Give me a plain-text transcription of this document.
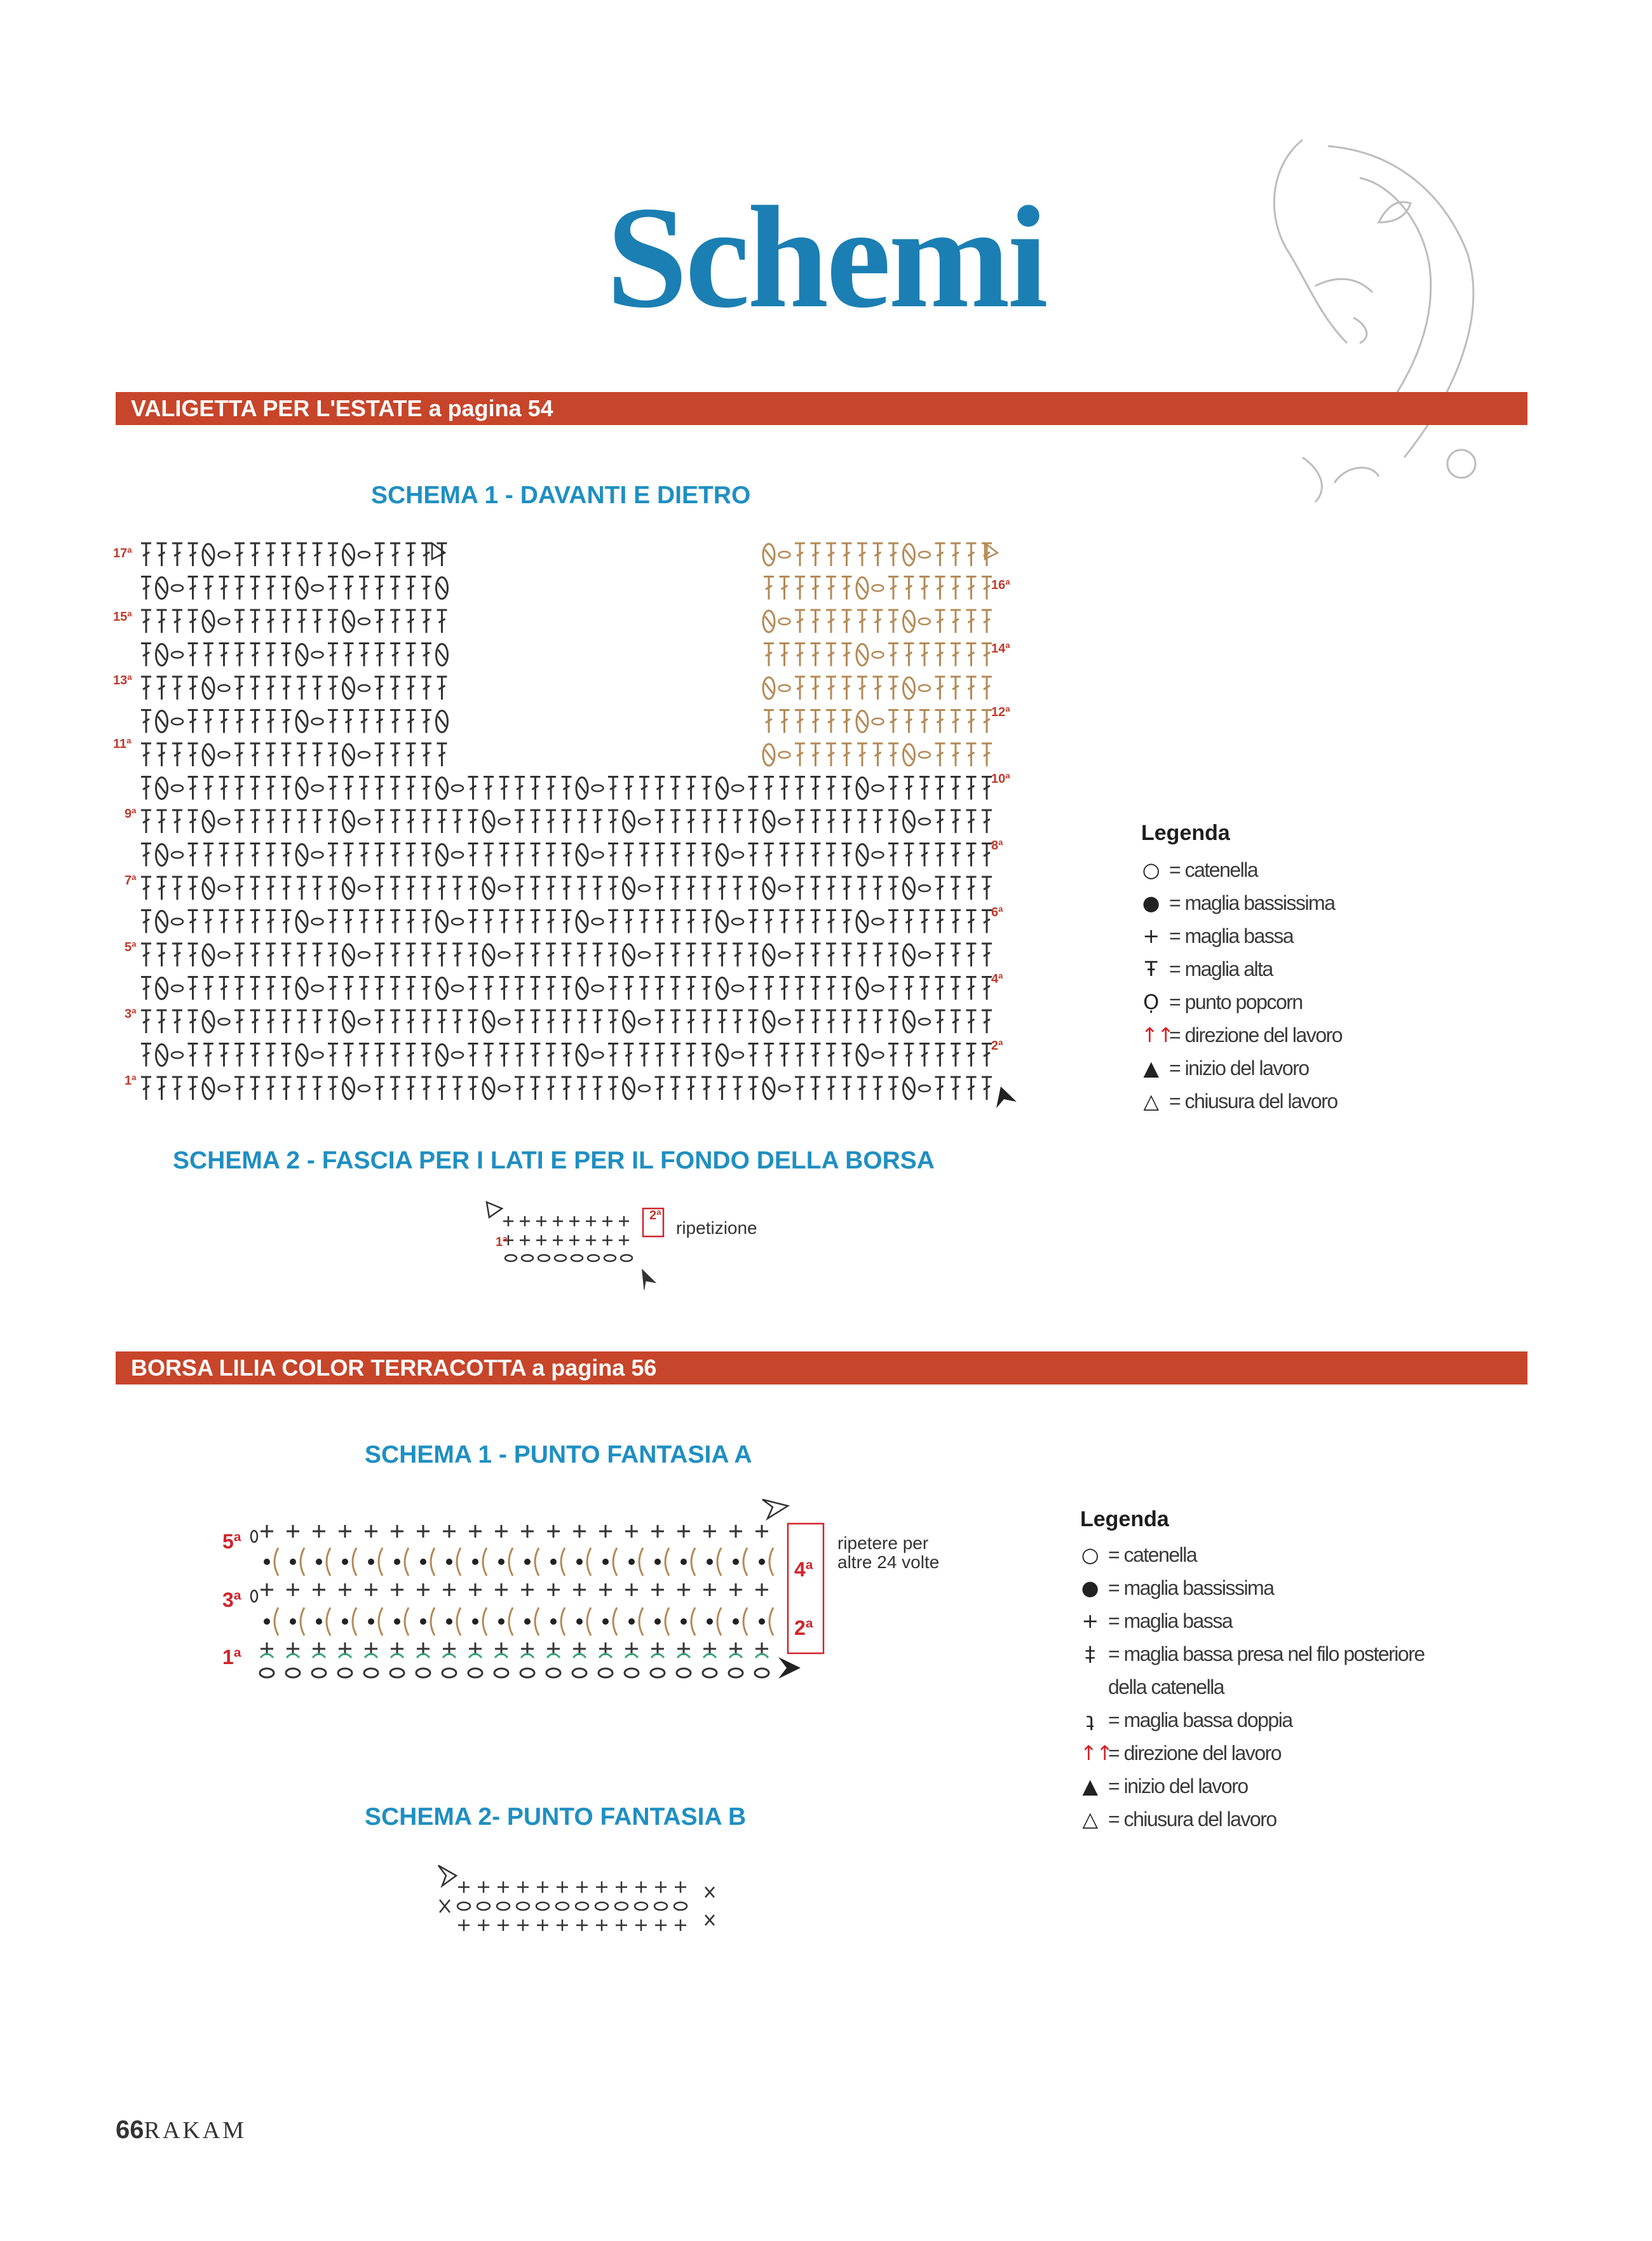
Schemi
VALIGETTA PER L'ESTATE a pagina 54
SCHEMA 1 - DAVANTI E DIETRO
17ª
15ª
13ª
11ª
9ª
7ª
5ª
3ª
1ª
16ª
14ª
12ª
10ª
8ª
6ª
4ª
2ª
Legenda
○ = catenella
● = maglia bassissima
+ = maglia bassa
Ŧ = maglia alta
Ọ = punto popcorn
↑↑= direzione del lavoro
▲ = inizio del lavoro
△ = chiusura del lavoro
SCHEMA 2 - FASCIA PER I LATI E PER IL FONDO DELLA BORSA
1ª
2ª
ripetizione
BORSA LILIA COLOR TERRACOTTA a pagina 56
SCHEMA 1 - PUNTO FANTASIA A
5ª
3ª
1ª
4ª
2ª
ripetere per
altre 24 volte
Legenda
○ = catenella
● = maglia bassissima
+ = maglia bassa
‡ = maglia bassa presa nel filo posteriore
della catenella
ʇ = maglia bassa doppia
↑↑= direzione del lavoro
▲ = inizio del lavoro
△ = chiusura del lavoro
SCHEMA 2- PUNTO FANTASIA B
66RAKAM
